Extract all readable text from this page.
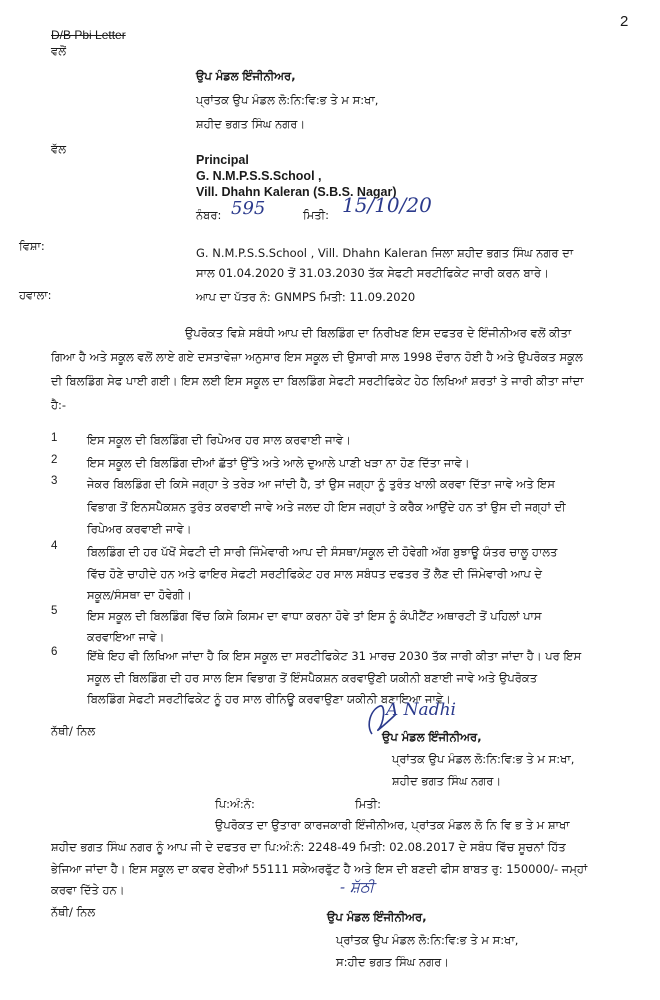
2
D/B Pbi Letter
ਵਲੋਂ
ਉਪ ਮੰਡਲ ਇੰਜੀਨੀਅਰ,
ਪ੍ਰਾਂਤਕ ਉਪ ਮੰਡਲ ਲੋ:ਨਿ:ਵਿ:ਭ ਤੇ ਮ ਸ:ਖਾ,
ਸ਼ਹੀਦ ਭਗਤ ਸਿੰਘ ਨਗਰ।
ਵੱਲ
Principal
G. N.M.P.S.S.School ,
Vill. Dhahn Kaleran (S.B.S. Nagar)
ਨੰਬਰ: 595	ਮਿਤੀ: 15/10/20
ਵਿਸ਼ਾ:	G. N.M.P.S.S.School , Vill. Dhahn Kaleran ਜਿਲਾ ਸ਼ਹੀਦ ਭਗਤ ਸਿੰਘ ਨਗਰ ਦਾ
ਸਾਲ 01.04.2020 ਤੋਂ 31.03.2030 ਤੱਕ ਸੇਫਟੀ ਸਰਟੀਫਿਕੇਟ ਜਾਰੀ ਕਰਨ ਬਾਰੇ।
ਹਵਾਲਾ:	ਆਪ ਦਾ ਪੱਤਰ ਨੰ: GNMPS ਮਿਤੀ: 11.09.2020
ਉਪਰੋਕਤ ਵਿਸ਼ੇ ਸਬੰਧੀ ਆਪ ਦੀ ਬਿਲਡਿੰਗ ਦਾ ਨਿਰੀਖਣ ਇਸ ਦਫਤਰ ਦੇ ਇੰਜੀਨੀਅਰ ਵਲੋਂ ਕੀਤਾ
ਗਿਆ ਹੈ ਅਤੇ ਸਕੂਲ ਵਲੋਂ ਲਾਏ ਗਏ ਦਸਤਾਵੇਜ਼ਾ ਅਨੁਸਾਰ ਇਸ ਸਕੂਲ ਦੀ ਉਸਾਰੀ ਸਾਲ 1998 ਦੌਰਾਨ ਹੋਈ ਹੈ ਅਤੇ ਉਪਰੋਕਤ ਸਕੂਲ
ਦੀ ਬਿਲਡਿੰਗ ਸੇਫ ਪਾਈ ਗਈ। ਇਸ ਲਈ ਇਸ ਸਕੂਲ ਦਾ ਬਿਲਡਿੰਗ ਸੇਫਟੀ ਸਰਟੀਫਿਕੇਟ ਹੇਠ ਲਿਖਿਆਂ ਸ਼ਰਤਾਂ ਤੇ ਜਾਰੀ ਕੀਤਾ ਜਾਂਦਾ
ਹੈ:-
1	ਇਸ ਸਕੂਲ ਦੀ ਬਿਲਡਿੰਗ ਦੀ ਰਿਪੇਅਰ ਹਰ ਸਾਲ ਕਰਵਾਈ ਜਾਵੇ।
2	ਇਸ ਸਕੂਲ ਦੀ ਬਿਲਡਿੰਗ ਦੀਆਂ ਛੱਤਾਂ ਉੱਤੇ ਅਤੇ ਆਲੇ ਦੁਆਲੇ ਪਾਣੀ ਖੜਾ ਨਾ ਹੋਣ ਦਿੱਤਾ ਜਾਵੇ।
3	ਜੇਕਰ ਬਿਲਡਿੰਗ ਦੀ ਕਿਸੇ ਜਗ੍ਹਾ ਤੇ ਤਰੇੜ ਆ ਜਾਂਦੀ ਹੈ, ਤਾਂ ਉਸ ਜਗ੍ਹਾ ਨੂੰ ਤੁਰੰਤ ਖਾਲੀ ਕਰਵਾ ਦਿੱਤਾ ਜਾਵੇ ਅਤੇ ਇਸ
ਵਿਭਾਗ ਤੋਂ ਇਨਸਪੈਕਸ਼ਨ ਤੁਰੰਤ ਕਰਵਾਈ ਜਾਵੇ ਅਤੇ ਜਲਦ ਹੀ ਇਸ ਜਗ੍ਹਾਂ ਤੇ ਕਰੈਕ ਆਉਂਦੇ ਹਨ ਤਾਂ ਉਸ ਦੀ ਜਗ੍ਹਾਂ ਦੀ
ਰਿਪੇਅਰ ਕਰਵਾਈ ਜਾਵੇ।
4	ਬਿਲਡਿੰਗ ਦੀ ਹਰ ਪੱਖੋਂ ਸੇਫਟੀ ਦੀ ਸਾਰੀ ਜਿੰਮੇਵਾਰੀ ਆਪ ਦੀ ਸੰਸਥਾ/ਸਕੂਲ ਦੀ ਹੋਵੇਗੀ ਅੱਗ ਬੁਝਾਊ ਯੰਤਰ ਚਾਲੂ ਹਾਲਤ
ਵਿੱਚ ਹੋਣੇ ਚਾਹੀਦੇ ਹਨ ਅਤੇ ਫਾਇਰ ਸੇਫਟੀ ਸਰਟੀਫਿਕੇਟ ਹਰ ਸਾਲ ਸਬੰਧਤ ਦਫਤਰ ਤੋਂ ਲੈਣ ਦੀ ਜਿੰਮੇਵਾਰੀ ਆਪ ਦੇ
ਸਕੂਲ/ਸੰਸਥਾ ਦਾ ਹੋਵੇਗੀ।
5	ਇਸ ਸਕੂਲ ਦੀ ਬਿਲਡਿੰਗ ਵਿੱਚ ਕਿਸੇ ਕਿਸਮ ਦਾ ਵਾਧਾ ਕਰਨਾ ਹੋਵੇ ਤਾਂ ਇਸ ਨੂੰ ਕੰਪੀਟੈਂਟ ਅਥਾਰਟੀ ਤੋਂ ਪਹਿਲਾਂ ਪਾਸ
ਕਰਵਾਇਆ ਜਾਵੇ।
6	ਇੱਥੇ ਇਹ ਵੀ ਲਿਖਿਆ ਜਾਂਦਾ ਹੈ ਕਿ ਇਸ ਸਕੂਲ ਦਾ ਸਰਟੀਫਿਕੇਟ 31 ਮਾਰਚ 2030 ਤੱਕ ਜਾਰੀ ਕੀਤਾ ਜਾਂਦਾ ਹੈ। ਪਰ ਇਸ
ਸਕੂਲ ਦੀ ਬਿਲਡਿੰਗ ਦੀ ਹਰ ਸਾਲ ਇਸ ਵਿਭਾਗ ਤੋਂ ਇੰਸਪੈਕਸ਼ਨ ਕਰਵਾਉਣੀ ਯਕੀਨੀ ਬਣਾਈ ਜਾਵੇ ਅਤੇ ਉਪਰੋਕਤ
ਬਿਲਡਿੰਗ ਸੇਫਟੀ ਸਰਟੀਫਿਕੇਟ ਨੂੰ ਹਰ ਸਾਲ ਰੀਨਿਊ ਕਰਵਾਉਣਾ ਯਕੀਨੀ ਬਣਾਇਆ ਜਾਵੇ।
A Nadhi
ਨੱਥੀ/ ਨਿਲ	ਉਪ ਮੰਡਲ ਇੰਜੀਨੀਅਰ,
ਪ੍ਰਾਂਤਕ ਉਪ ਮੰਡਲ ਲੋ:ਨਿ:ਵਿ:ਭ ਤੇ ਮ ਸ:ਖਾ,
ਸ਼ਹੀਦ ਭਗਤ ਸਿੰਘ ਨਗਰ।
ਪਿ:ਅੰ:ਨੰ:	ਮਿਤੀ:
ਉਪਰੋਕਤ ਦਾ ਉਤਾਰਾ ਕਾਰਜਕਾਰੀ ਇੰਜੀਨੀਅਰ, ਪ੍ਰਾਂਤਕ ਮੰਡਲ ਲੋ ਨਿ ਵਿ ਭ ਤੇ ਮ ਸ਼ਾਖਾ
ਸ਼ਹੀਦ ਭਗਤ ਸਿੰਘ ਨਗਰ ਨੂੰ ਆਪ ਜੀ ਦੇ ਦਫਤਰ ਦਾ ਪਿ:ਅੰ:ਨੰ: 2248-49 ਮਿਤੀ: 02.08.2017 ਦੇ ਸਬੰਧ ਵਿੱਚ ਸੂਚਨਾਂ ਹਿੱਤ
ਭੇਜਿਆ ਜਾਂਦਾ ਹੈ। ਇਸ ਸਕੂਲ ਦਾ ਕਵਰ ਏਰੀਆਂ 55111 ਸਕੇਅਰਫੁੱਟ ਹੈ ਅਤੇ ਇਸ ਦੀ ਬਣਦੀ ਫੀਸ ਬਾਬਤ ਰੁ: 150000/- ਜਮ੍ਹਾਂ
ਕਰਵਾ ਦਿੱਤੇ ਹਨ।	- ਸ਼ੱਠੀ
ਨੱਥੀ/ ਨਿਲ	ਉਪ ਮੰਡਲ ਇੰਜੀਨੀਅਰ,
ਪ੍ਰਾਂਤਕ ਉਪ ਮੰਡਲ ਲੋ:ਨਿ:ਵਿ:ਭ ਤੇ ਮ ਸ:ਖਾ,
ਸ:ਹੀਦ ਭਗਤ ਸਿੰਘ ਨਗਰ।
